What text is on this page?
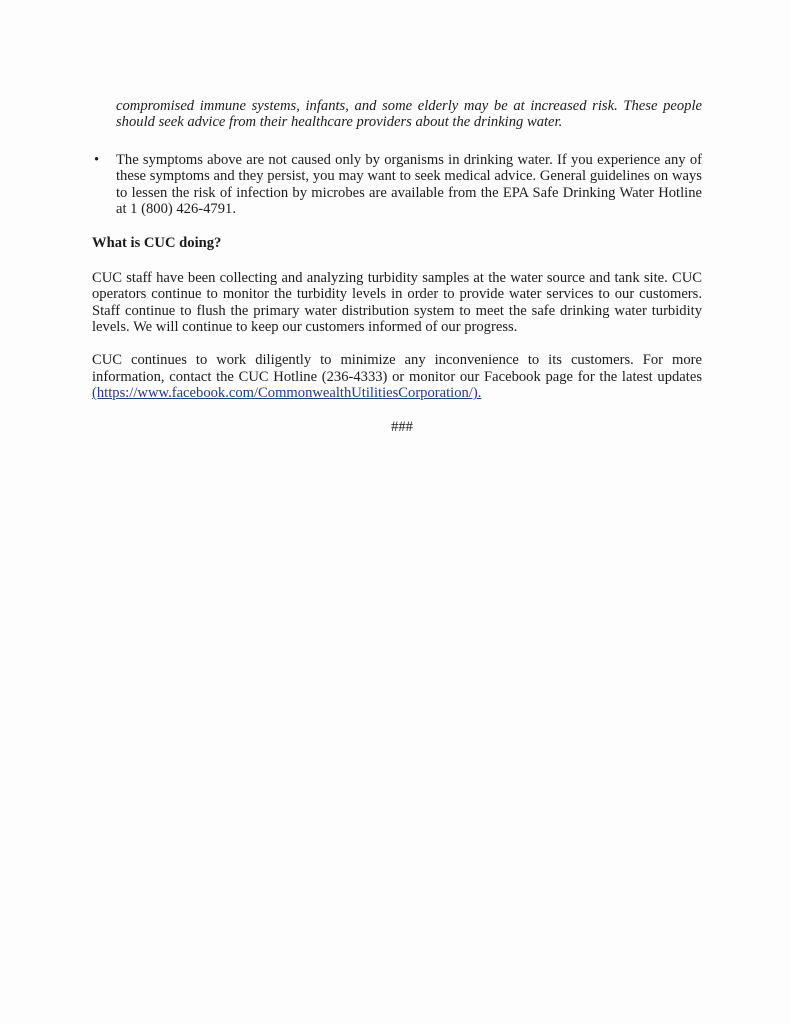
compromised immune systems, infants, and some elderly may be at increased risk. These people should seek advice from their healthcare providers about the drinking water.

• The symptoms above are not caused only by organisms in drinking water. If you experience any of these symptoms and they persist, you may want to seek medical advice. General guidelines on ways to lessen the risk of infection by microbes are available from the EPA Safe Drinking Water Hotline at 1 (800) 426-4791.
What is CUC doing?

CUC staff have been collecting and analyzing turbidity samples at the water source and tank site. CUC operators continue to monitor the turbidity levels in order to provide water services to our customers. Staff continue to flush the primary water distribution system to meet the safe drinking water turbidity levels. We will continue to keep our customers informed of our progress.

CUC continues to work diligently to minimize any inconvenience to its customers. For more information, contact the CUC Hotline (236-4333) or monitor our Facebook page for the latest updates (https://www.facebook.com/CommonwealthUtilitiesCorporation/).

###
